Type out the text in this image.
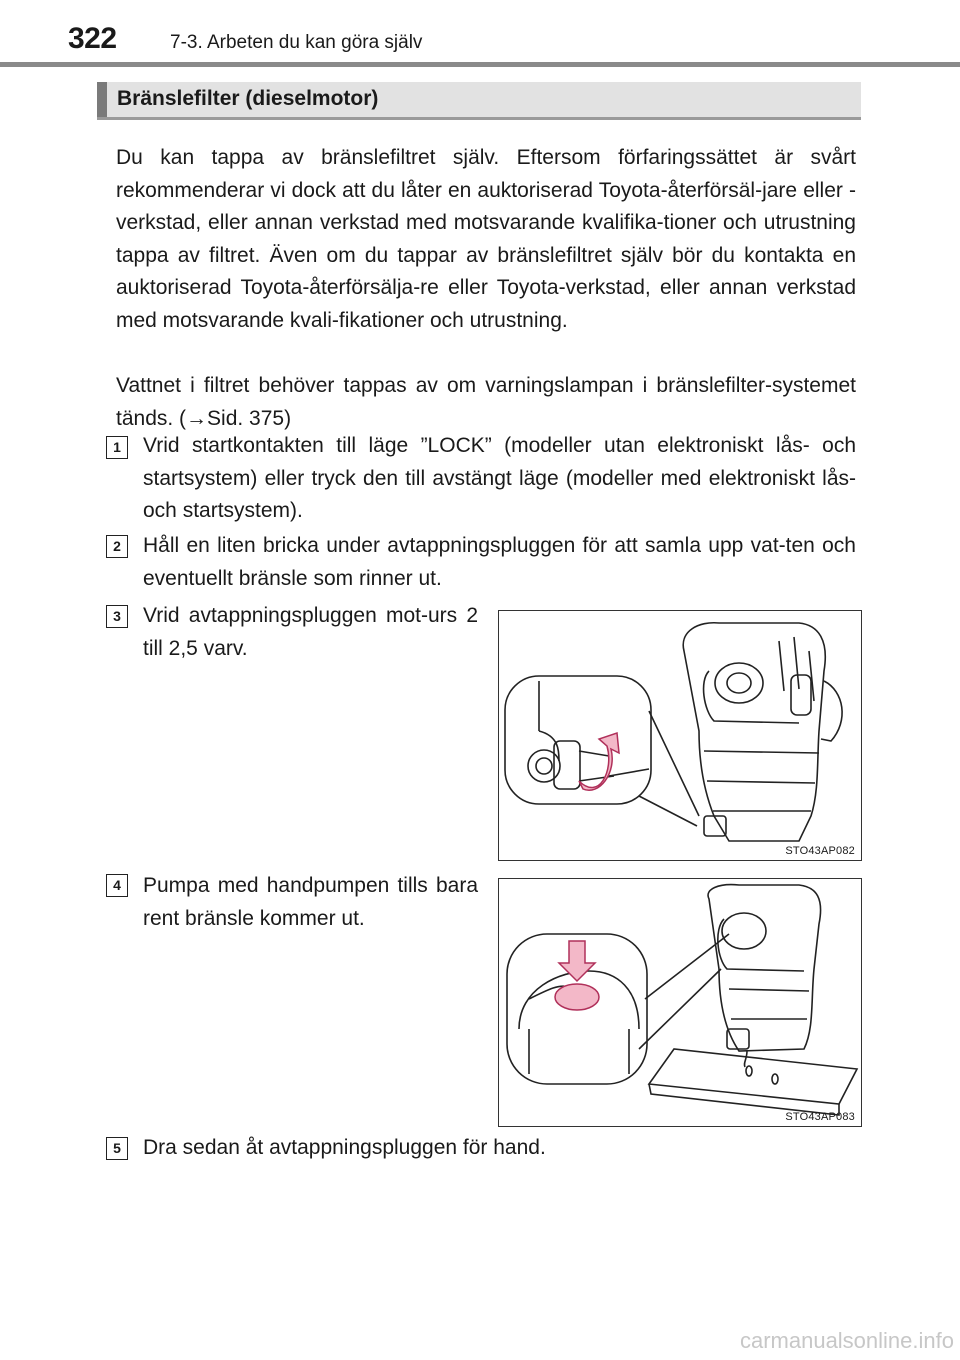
322	7-3. Arbeten du kan göra själv
Bränslefilter (dieselmotor)

Du kan tappa av bränslefiltret själv. Eftersom förfaringssättet är svårt rekommenderar vi dock att du låter en auktoriserad Toyota-återförsäl-jare eller -verkstad, eller annan verkstad med motsvarande kvalifika-tioner och utrustning tappa av filtret. Även om du tappar av bränslefiltret själv bör du kontakta en auktoriserad Toyota-återförsälja-re eller Toyota-verkstad, eller annan verkstad med motsvarande kvali-fikationer och utrustning.

Vattnet i filtret behöver tappas av om varningslampan i bränslefilter-systemet tänds. (→Sid. 375)

1	Vrid startkontakten till läge ”LOCK” (modeller utan elektroniskt lås- och startsystem) eller tryck den till avstängt läge (modeller med elektroniskt lås- och startsystem).

2	Håll en liten bricka under avtappningspluggen för att samla upp vat-ten och eventuellt bränsle som rinner ut.

3	Vrid avtappningspluggen mot-urs 2 till 2,5 varv.

STO43AP082
4	Pumpa med handpumpen tills bara rent bränsle kommer ut.

STO43AP083
5	Dra sedan åt avtappningspluggen för hand.

carmanualsonline.info
